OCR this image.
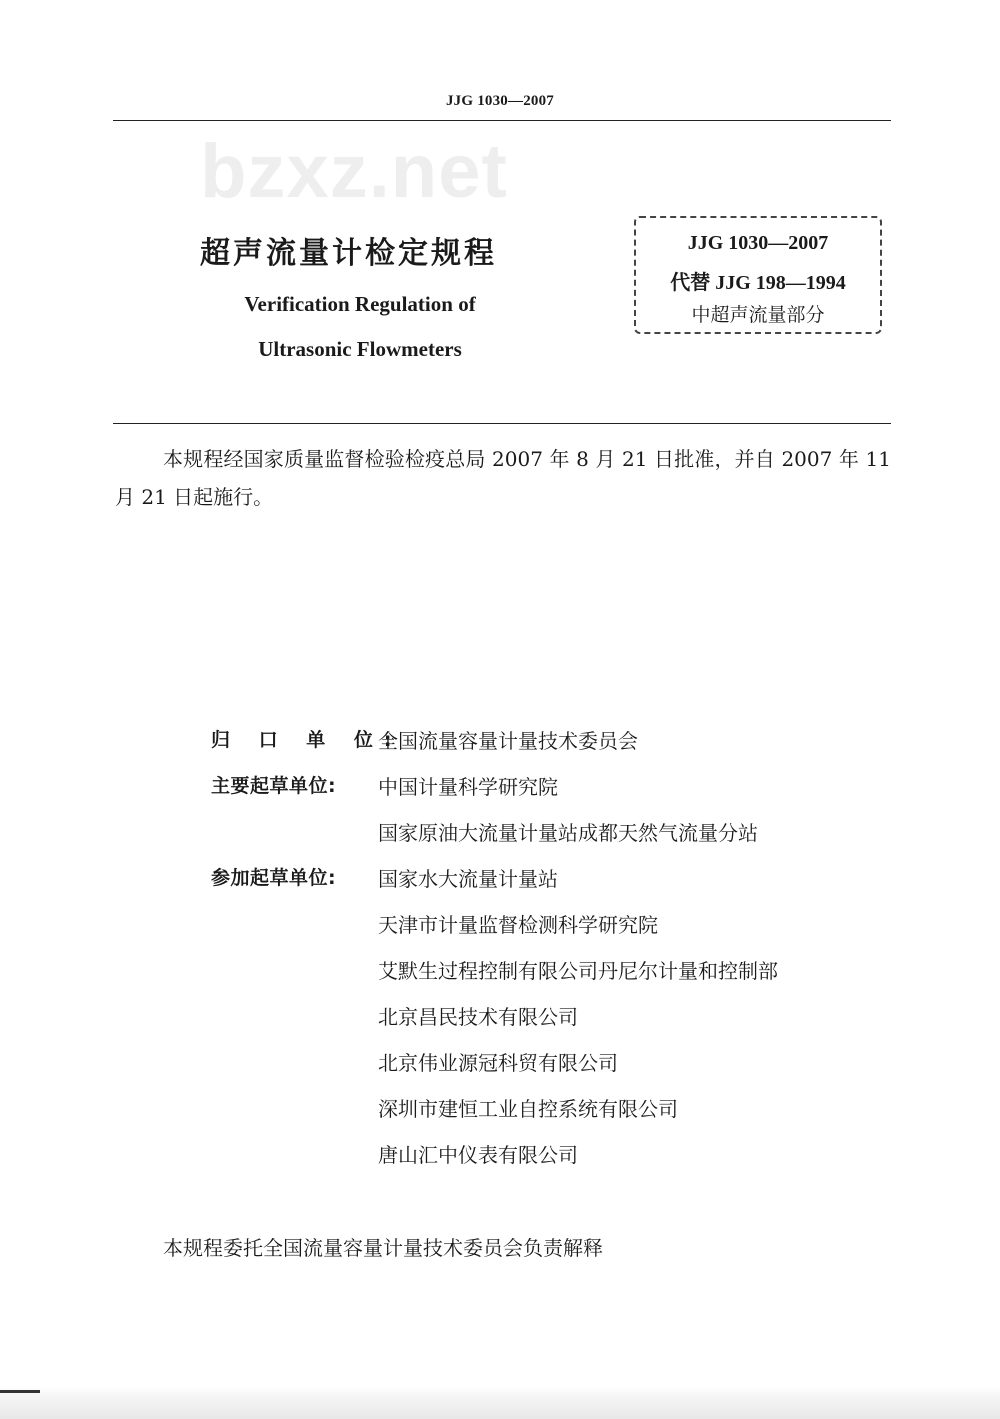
JJG 1030—2007
bzxz.net
超声流量计检定规程
Verification Regulation of
Ultrasonic Flowmeters
JJG 1030—2007
代替 JJG 198—1994
中超声流量部分
本规程经国家质量监督检验检疫总局 2007 年 8 月 21 日批准，并自 2007 年 11 月 21 日起施行。
归 口 单 位:
全国流量容量计量技术委员会
主要起草单位:	中国计量科学研究院
国家原油大流量计量站成都天然气流量分站
参加起草单位:	国家水大流量计量站
天津市计量监督检测科学研究院
艾默生过程控制有限公司丹尼尔计量和控制部
北京昌民技术有限公司
北京伟业源冠科贸有限公司
深圳市建恒工业自控系统有限公司
唐山汇中仪表有限公司
本规程委托全国流量容量计量技术委员会负责解释
